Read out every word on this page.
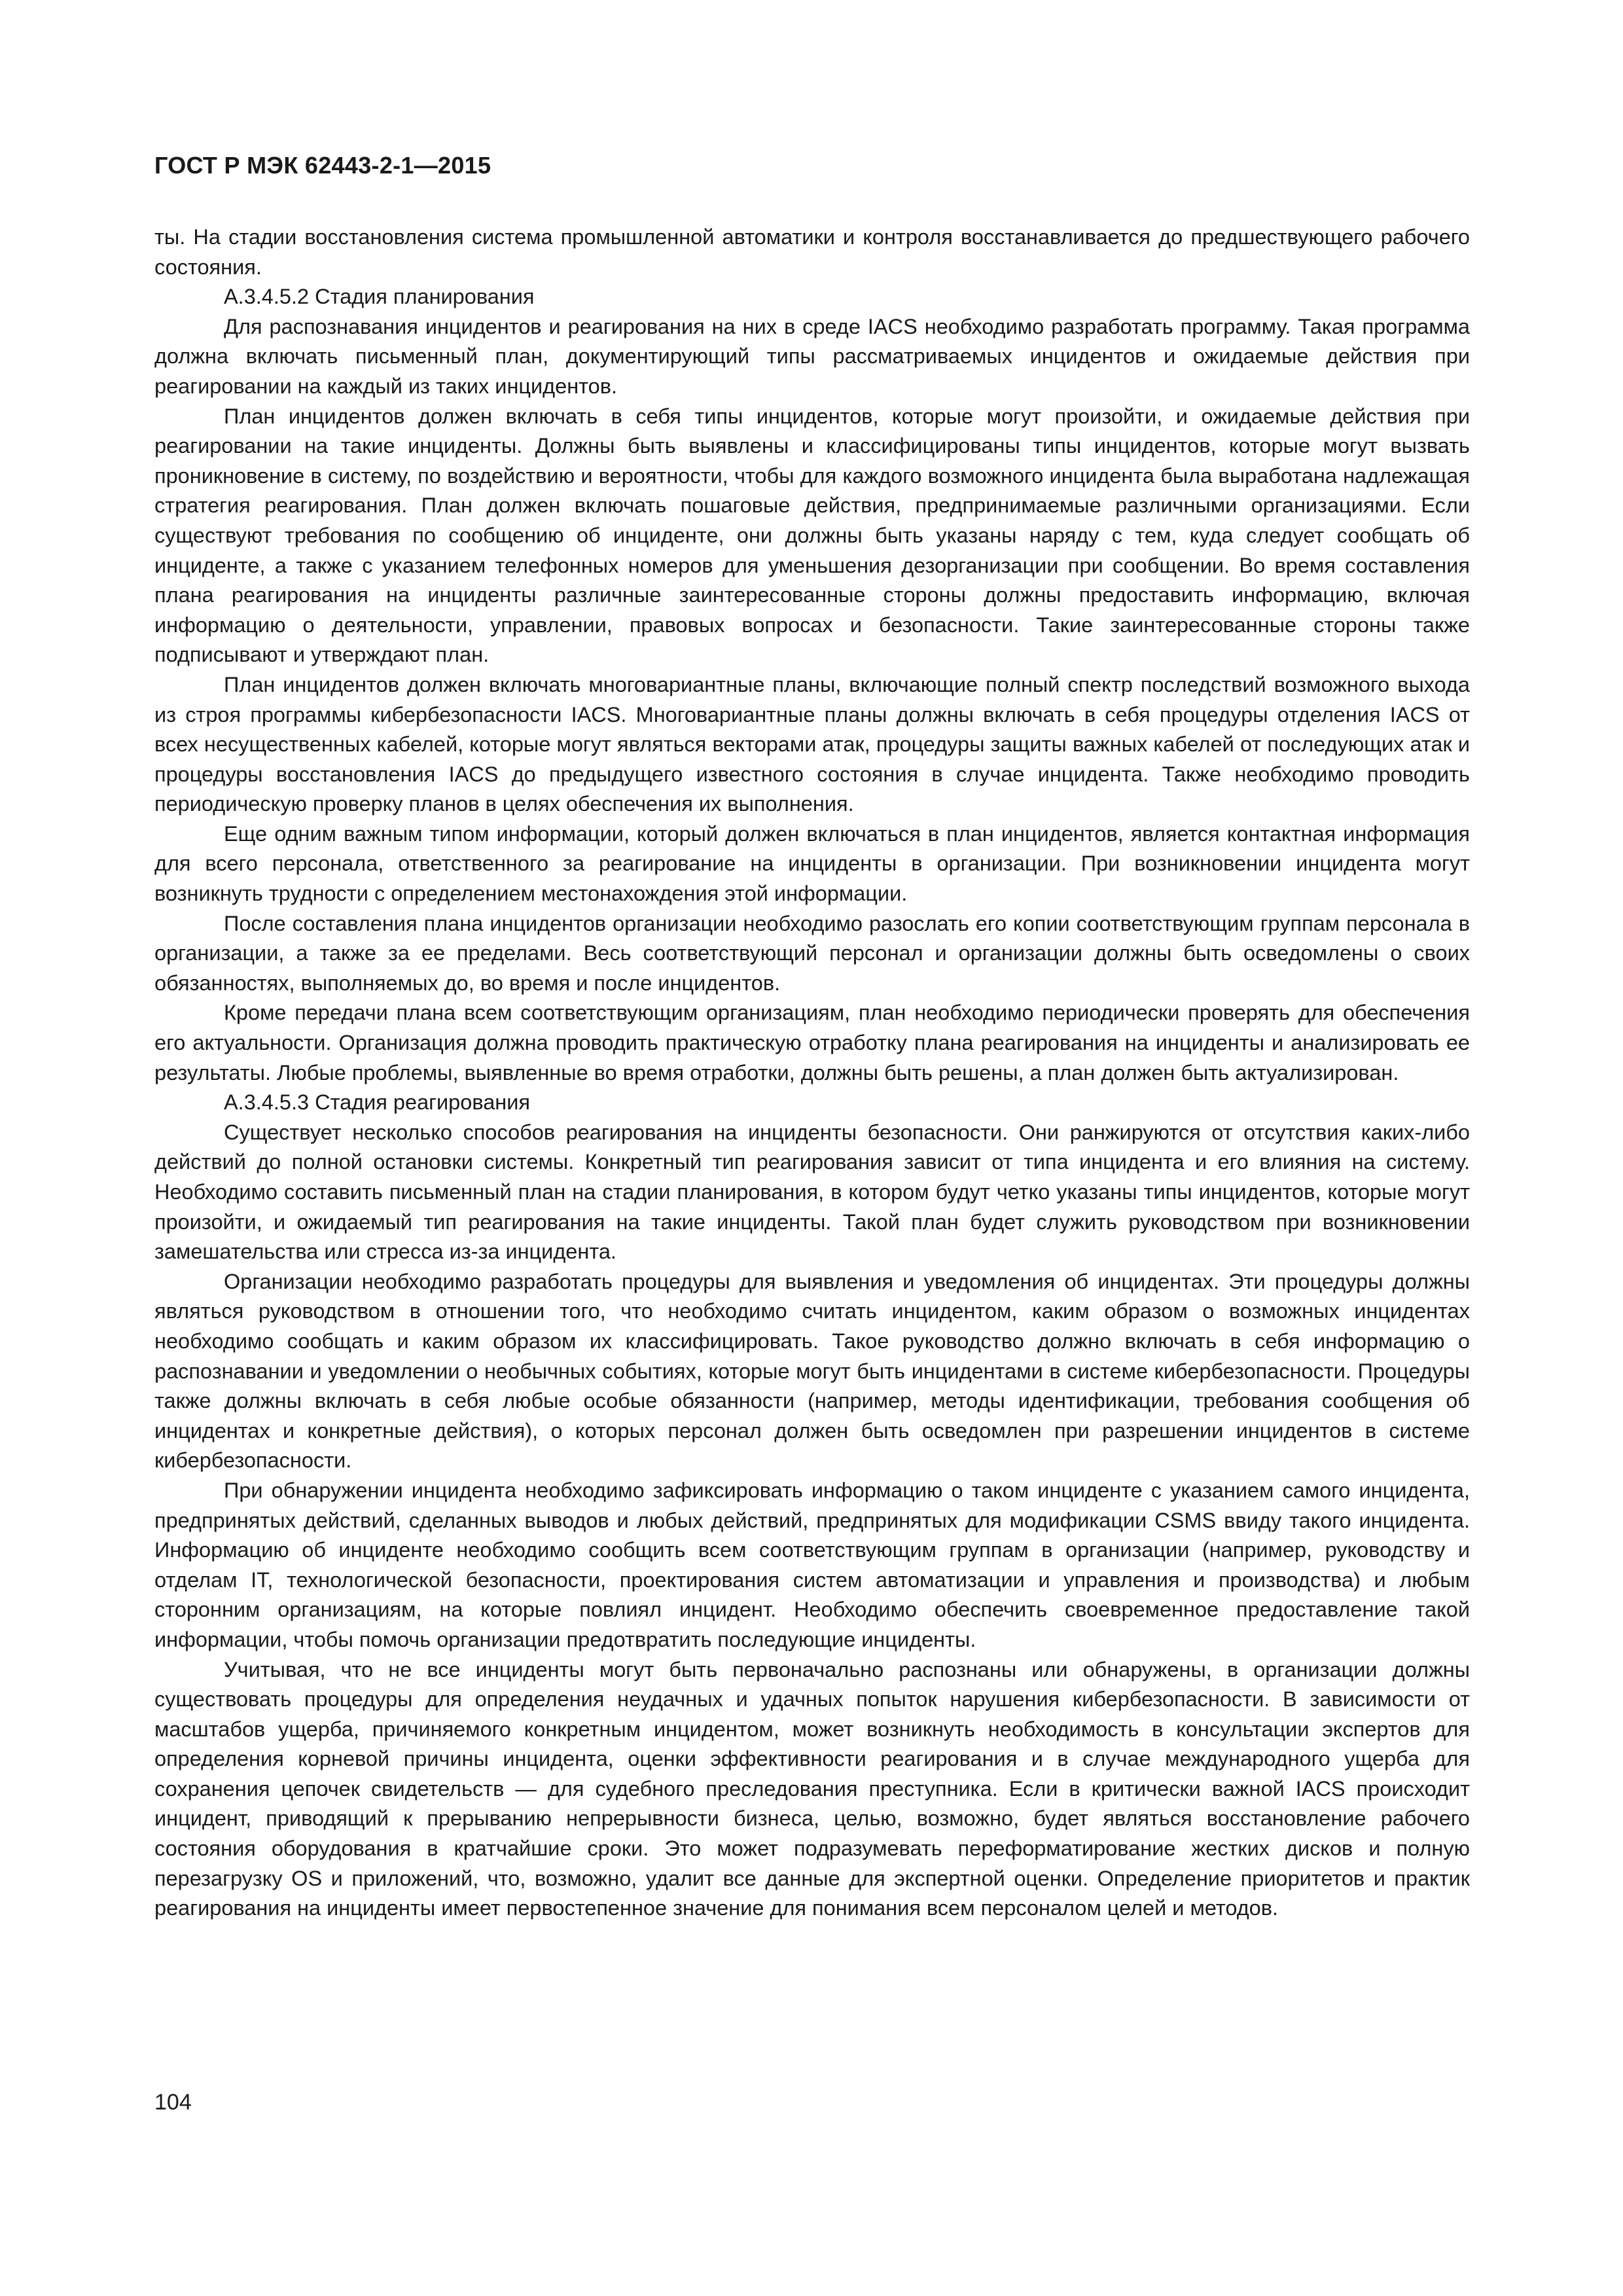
ГОСТ Р МЭК 62443-2-1—2015

ты. На стадии восстановления система промышленной автоматики и контроля восстанавливается до предшествующего рабочего состояния.

А.3.4.5.2 Стадия планирования

Для распознавания инцидентов и реагирования на них в среде IACS необходимо разработать программу. Такая программа должна включать письменный план, документирующий типы рассматриваемых инцидентов и ожидаемые действия при реагировании на каждый из таких инцидентов.

План инцидентов должен включать в себя типы инцидентов, которые могут произойти, и ожидаемые действия при реагировании на такие инциденты. Должны быть выявлены и классифицированы типы инцидентов, которые могут вызвать проникновение в систему, по воздействию и вероятности, чтобы для каждого возможного инцидента была выработана надлежащая стратегия реагирования. План должен включать пошаговые действия, предпринимаемые различными организациями. Если существуют требования по сообщению об инциденте, они должны быть указаны наряду с тем, куда следует сообщать об инциденте, а также с указанием телефонных номеров для уменьшения дезорганизации при сообщении. Во время составления плана реагирования на инциденты различные заинтересованные стороны должны предоставить информацию, включая информацию о деятельности, управлении, правовых вопросах и безопасности. Такие заинтересованные стороны также подписывают и утверждают план.

План инцидентов должен включать многовариантные планы, включающие полный спектр последствий возможного выхода из строя программы кибербезопасности IACS. Многовариантные планы должны включать в себя процедуры отделения IACS от всех несущественных кабелей, которые могут являться векторами атак, процедуры защиты важных кабелей от последующих атак и процедуры восстановления IACS до предыдущего известного состояния в случае инцидента. Также необходимо проводить периодическую проверку планов в целях обеспечения их выполнения.

Еще одним важным типом информации, который должен включаться в план инцидентов, является контактная информация для всего персонала, ответственного за реагирование на инциденты в организации. При возникновении инцидента могут возникнуть трудности с определением местонахождения этой информации.

После составления плана инцидентов организации необходимо разослать его копии соответствующим группам персонала в организации, а также за ее пределами. Весь соответствующий персонал и организации должны быть осведомлены о своих обязанностях, выполняемых до, во время и после инцидентов.

Кроме передачи плана всем соответствующим организациям, план необходимо периодически проверять для обеспечения его актуальности. Организация должна проводить практическую отработку плана реагирования на инциденты и анализировать ее результаты. Любые проблемы, выявленные во время отработки, должны быть решены, а план должен быть актуализирован.

А.3.4.5.3 Стадия реагирования

Существует несколько способов реагирования на инциденты безопасности. Они ранжируются от отсутствия каких-либо действий до полной остановки системы. Конкретный тип реагирования зависит от типа инцидента и его влияния на систему. Необходимо составить письменный план на стадии планирования, в котором будут четко указаны типы инцидентов, которые могут произойти, и ожидаемый тип реагирования на такие инциденты. Такой план будет служить руководством при возникновении замешательства или стресса из-за инцидента.

Организации необходимо разработать процедуры для выявления и уведомления об инцидентах. Эти процедуры должны являться руководством в отношении того, что необходимо считать инцидентом, каким образом о возможных инцидентах необходимо сообщать и каким образом их классифицировать. Такое руководство должно включать в себя информацию о распознавании и уведомлении о необычных событиях, которые могут быть инцидентами в системе кибербезопасности. Процедуры также должны включать в себя любые особые обязанности (например, методы идентификации, требования сообщения об инцидентах и конкретные действия), о которых персонал должен быть осведомлен при разрешении инцидентов в системе кибербезопасности.

При обнаружении инцидента необходимо зафиксировать информацию о таком инциденте с указанием самого инцидента, предпринятых действий, сделанных выводов и любых действий, предпринятых для модификации CSMS ввиду такого инцидента. Информацию об инциденте необходимо сообщить всем соответствующим группам в организации (например, руководству и отделам IT, технологической безопасности, проектирования систем автоматизации и управления и производства) и любым сторонним организациям, на которые повлиял инцидент. Необходимо обеспечить своевременное предоставление такой информации, чтобы помочь организации предотвратить последующие инциденты.

Учитывая, что не все инциденты могут быть первоначально распознаны или обнаружены, в организации должны существовать процедуры для определения неудачных и удачных попыток нарушения кибербезопасности. В зависимости от масштабов ущерба, причиняемого конкретным инцидентом, может возникнуть необходимость в консультации экспертов для определения корневой причины инцидента, оценки эффективности реагирования и в случае международного ущерба для сохранения цепочек свидетельств — для судебного преследования преступника. Если в критически важной IACS происходит инцидент, приводящий к прерыванию непрерывности бизнеса, целью, возможно, будет являться восстановление рабочего состояния оборудования в кратчайшие сроки. Это может подразумевать переформатирование жестких дисков и полную перезагрузку OS и приложений, что, возможно, удалит все данные для экспертной оценки. Определение приоритетов и практик реагирования на инциденты имеет первостепенное значение для понимания всем персоналом целей и методов.

104
